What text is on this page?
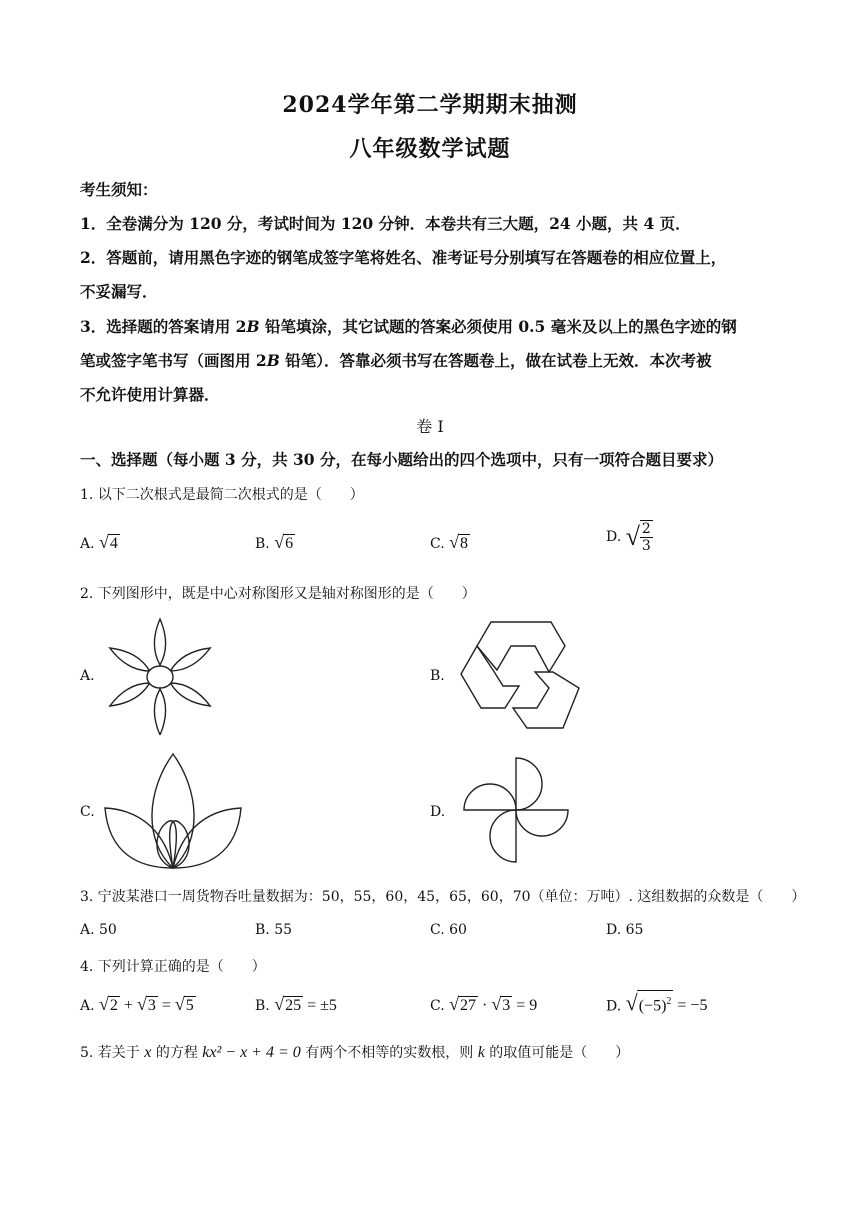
2024学年第二学期期末抽测
八年级数学试题
考生须知：
1．全卷满分为 120 分，考试时间为 120 分钟．本卷共有三大题，24 小题，共 4 页．
2．答题前，请用黑色字迹的钢笔成签字笔将姓名、准考证号分别填写在答题卷的相应位置上，
不妥漏写．
3．选择题的答案请用 2B 铅笔填涂，其它试题的答案必须使用 0.5 毫米及以上的黑色字迹的钢
笔或签字笔书写（画图用 2B 铅笔）．答靠必须书写在答题卷上，做在试卷上无效．本次考被
不允许使用计算器．
卷 I
一、选择题（每小题 3 分，共 30 分，在每小题给出的四个选项中，只有一项符合题目要求）
1. 以下二次根式是最简二次根式的是（　　）
A. √4	B. √6	C. √8	D. √ $\frac{2}{3}$
2. 下列图形中，既是中心对称图形又是轴对称图形的是（　　）
A.	B.
C.	D.
3. 宁波某港口一周货物吞吐量数据为：50，55，60，45，65，60，70（单位：万吨）. 这组数据的众数是（　　）
A. 50	B. 55	C. 60	D. 65
4. 下列计算正确的是（　　）
A. √2 + √3 = √5	B. √25 = ±5	C. √27 · √3 = 9	D. $√(-5)^2 = -5$
5. 若关于 x 的方程 kx² − x + 4 = 0 有两个不相等的实数根，则 k 的取值可能是（　　）
